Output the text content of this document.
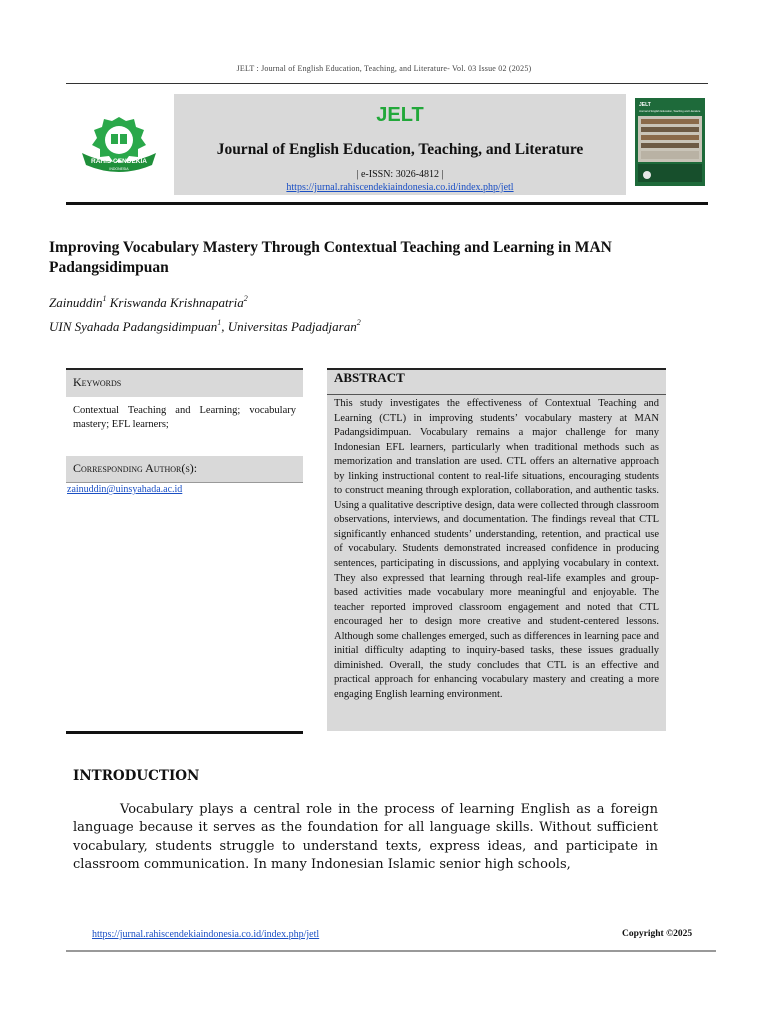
JELT : Journal of English Education, Teaching, and Literature- Vol. 03 Issue 02 (2025)
RAHIS CENDEKIA
INDONESIA
JELT
Journal of English Education, Teaching, and Literature
| e-ISSN: 3026-4812 |
https://jurnal.rahiscendekiaindonesia.co.id/index.php/jetl
JELT
Journal of English Education, Teaching and Literature
Improving Vocabulary Mastery Through Contextual Teaching and Learning in MAN Padangsidimpuan
Zainuddin$^1$ Kriswanda Krishnapatria$^2$
UIN Syahada Padangsidimpuan$^1$, Universitas Padjadjaran$^2$
Keywords
Contextual Teaching and Learning; vocabulary mastery; EFL learners;
Corresponding Author(s):
zainuddin@uinsyahada.ac.id
ABSTRACT
This study investigates the effectiveness of Contextual Teaching and Learning (CTL) in improving students’ vocabulary mastery at MAN Padangsidimpuan. Vocabulary remains a major challenge for many Indonesian EFL learners, particularly when traditional methods such as memorization and translation are used. CTL offers an alternative approach by linking instructional content to real-life situations, encouraging students to construct meaning through exploration, collaboration, and authentic tasks. Using a qualitative descriptive design, data were collected through classroom observations, interviews, and documentation. The findings reveal that CTL significantly enhanced students’ understanding, retention, and practical use of vocabulary. Students demonstrated increased confidence in producing sentences, participating in discussions, and applying vocabulary in context. They also expressed that learning through real-life examples and group-based activities made vocabulary more meaningful and enjoyable. The teacher reported improved classroom engagement and noted that CTL encouraged her to design more creative and student-centered lessons. Although some challenges emerged, such as differences in learning pace and initial difficulty adapting to inquiry-based tasks, these issues gradually diminished. Overall, the study concludes that CTL is an effective and practical approach for enhancing vocabulary mastery and creating a more engaging English learning environment.
INTRODUCTION
Vocabulary plays a central role in the process of learning English as a foreign language because it serves as the foundation for all language skills. Without sufficient vocabulary, students struggle to understand texts, express ideas, and participate in classroom communication. In many Indonesian Islamic senior high schools,
https://jurnal.rahiscendekiaindonesia.co.id/index.php/jetl	Copyright ©2025
